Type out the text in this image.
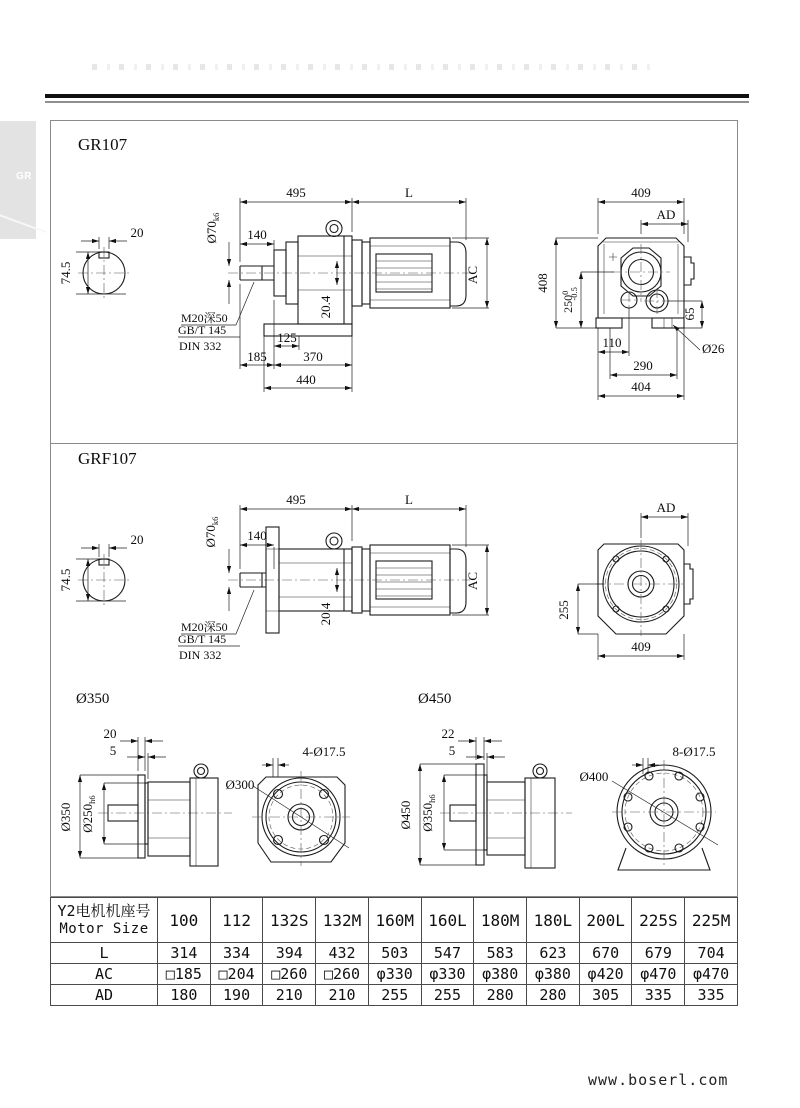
GR
GR107
20
74.5
495	L
140
$Ø70_{k6}$
20.4
AC
125
185	370
440
M20深50
GB/T 145
DIN 332
409
AD
408
$250^0-0.5$
65
110
290
404
Ø26
GRF107
20
74.5
495	L
140
$Ø70_{k6}$
20.4
AC
M20深50
GB/T 145
DIN 332
AD
255
409
Ø350
20
5
Ø350 $Ø250_{h6}$
Ø300
4-Ø17.5
Ø450
22
5
Ø450 $Ø350_{h6}$
Ø400
8-Ø17.5
Y2电机机座号
Motor Size	100	112	132S	132M	160M	160L	180M	180L	200L	225S	225M
L	314	334	394	432	503	547	583	623	670	679	704
AC	□185	□204	□260	□260	φ330	φ330	φ380	φ380	φ420	φ470	φ470
AD	180	190	210	210	255	255	280	280	305	335	335
www.boserl.com
